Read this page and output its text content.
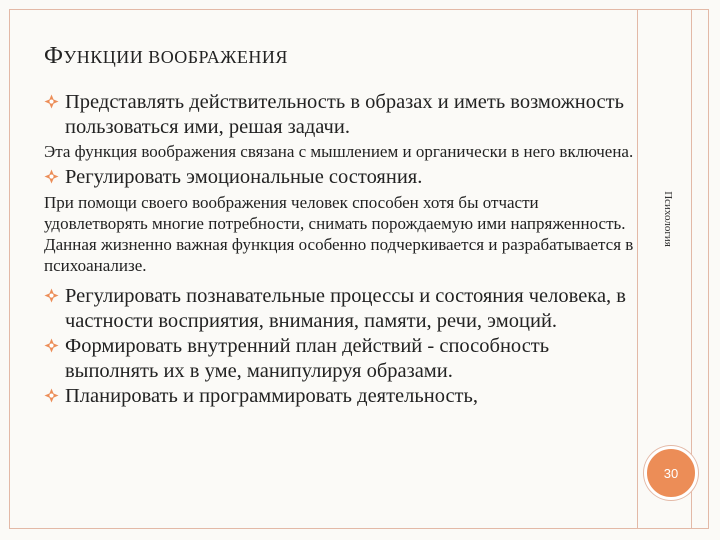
ФУНКЦИИ ВООБРАЖЕНИЯ
Психология
30
Представлять действительность в образах и иметь возможность пользоваться ими, решая задачи.

Эта функция воображения связана с мышлением и органически в него включена.

Регулировать эмоциональные состояния.

При помощи своего воображения человек способен хотя бы отчасти удовлетворять многие потребности, снимать порождаемую ими напряженность. Данная жизненно важная функция особенно подчеркивается и разрабатывается в психоанализе.

Регулировать познавательные процессы и состояния человека, в частности восприятия, внимания, памяти, речи, эмоций.
Формировать внутренний план действий - способность выполнять их в уме, манипулируя образами.
Планировать и программировать деятельность,
